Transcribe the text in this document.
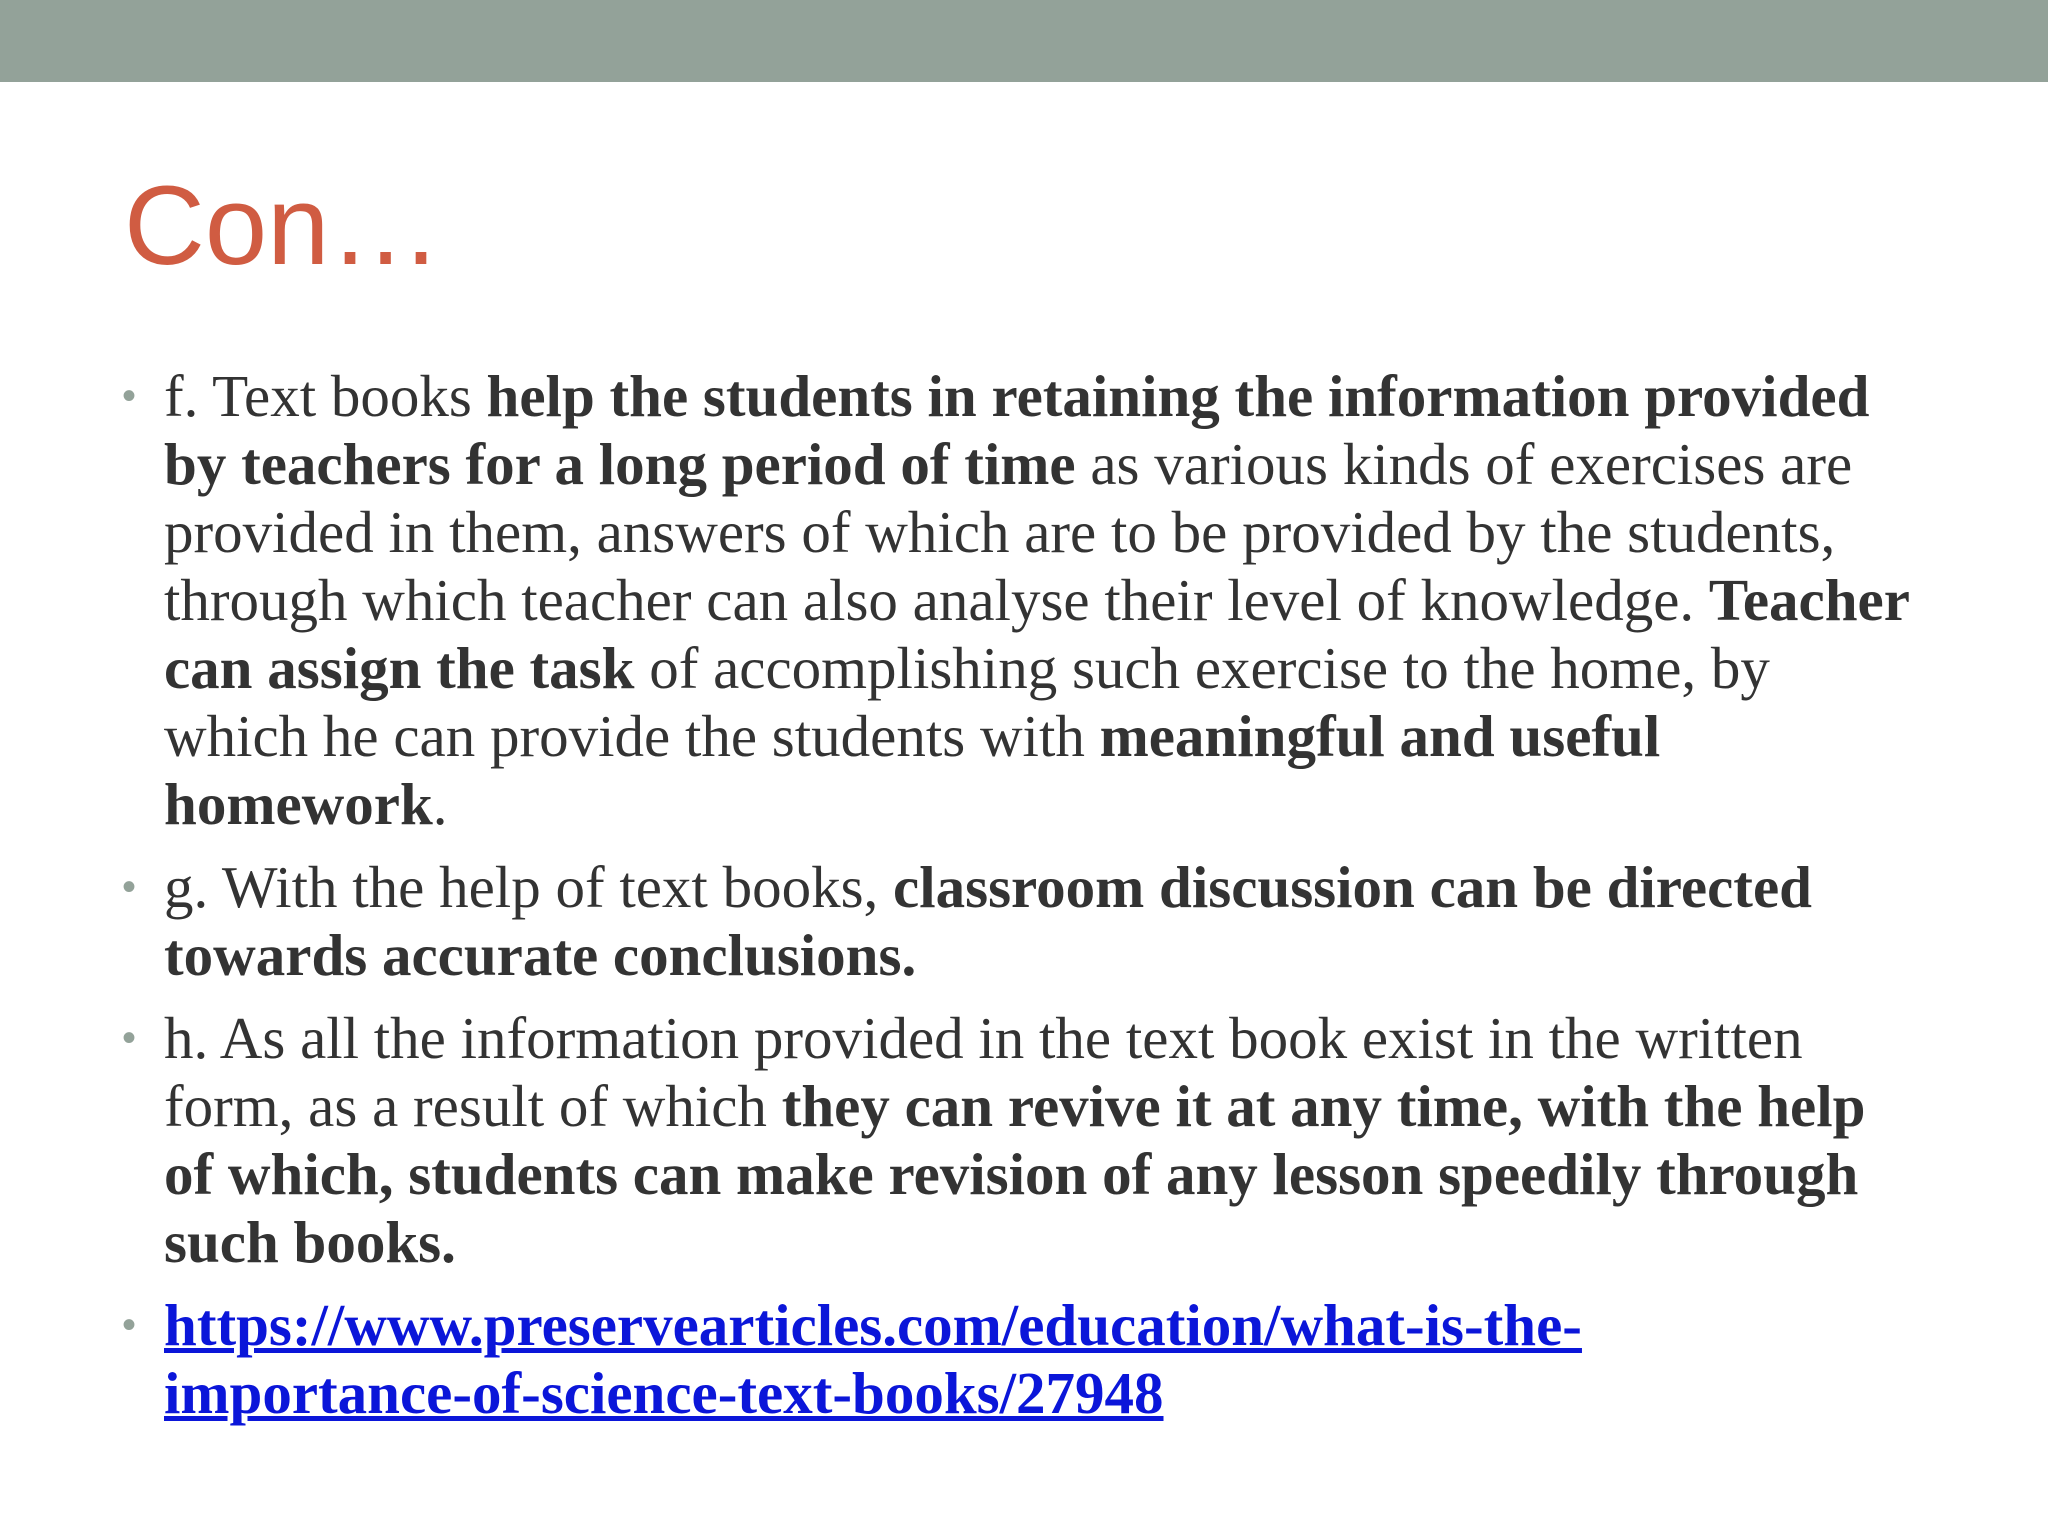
Con…
• f. Text books help the students in retaining the information provided by teachers for a long period of time as various kinds of exercises are provided in them, answers of which are to be provided by the students, through which teacher can also analyse their level of knowledge. Teacher can assign the task of accomplishing such exercise to the home, by which he can provide the students with meaningful and useful homework.
• g. With the help of text books, classroom discussion can be directed towards accurate conclusions.
• h. As all the information provided in the text book exist in the written form, as a result of which they can revive it at any time, with the help of which, students can make revision of any lesson speedily through such books.
• https://www.preservearticles.com/education/what-is-the-
importance-of-science-text-books/27948
